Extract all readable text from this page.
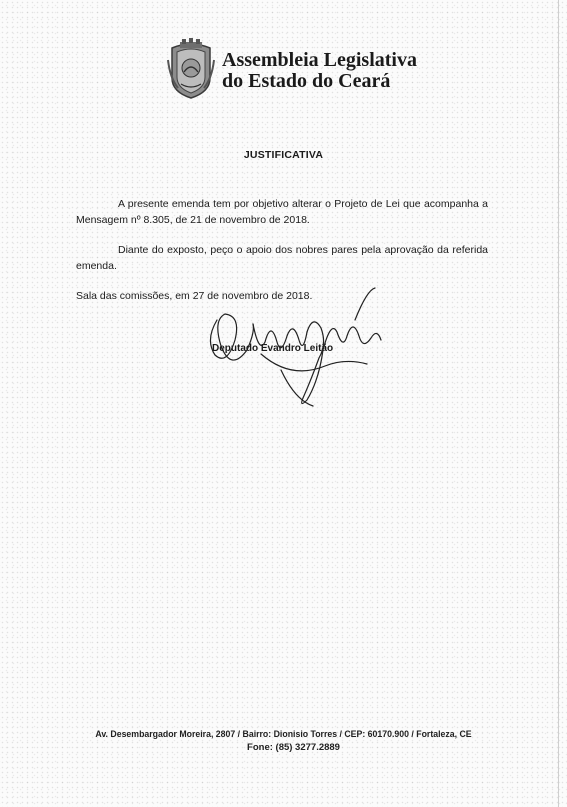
Assembleia Legislativa
do Estado do Ceará
JUSTIFICATIVA

A presente emenda tem por objetivo alterar o Projeto de Lei que acompanha a Mensagem nº 8.305, de 21 de novembro de 2018.

Diante do exposto, peço o apoio dos nobres pares pela aprovação da referida emenda.

Sala das comissões, em 27 de novembro de 2018.
Deputado Evandro Leitão
Av. Desembargador Moreira, 2807 / Bairro: Dionisio Torres / CEP: 60170.900 / Fortaleza, CE
Fone: (85) 3277.2889
